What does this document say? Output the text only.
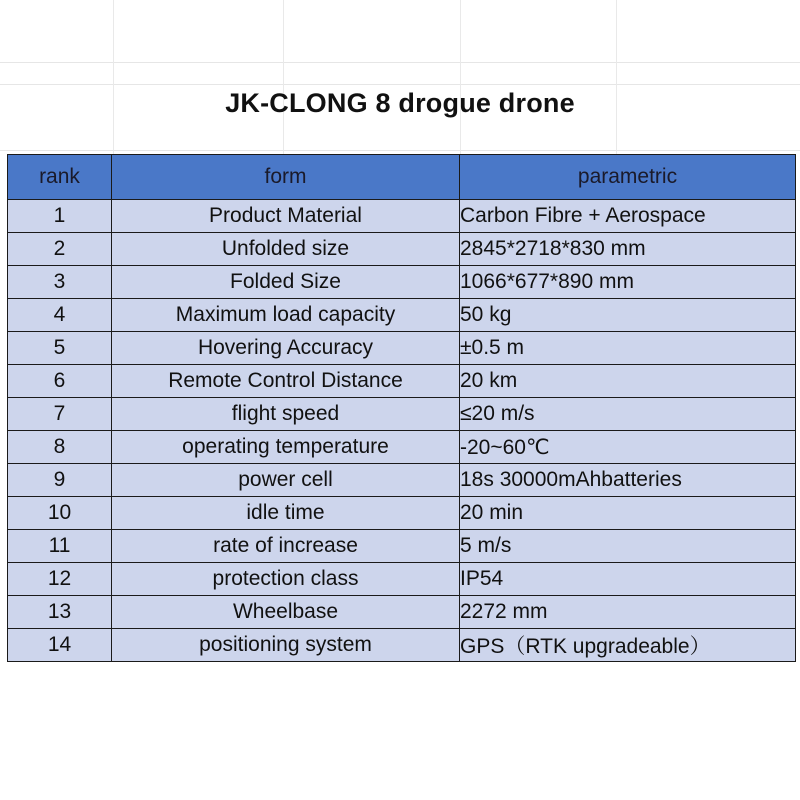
JK-CLONG 8 drogue drone
rank	form	parametric
1	Product Material	Carbon Fibre + Aerospace
2	Unfolded size	2845*2718*830 mm
3	Folded Size	1066*677*890 mm
4	Maximum load capacity	50 kg
5	Hovering Accuracy	±0.5 m
6	Remote Control Distance	20 km
7	flight speed	≤20 m/s
8	operating temperature	-20~60℃
9	power cell	18s 30000mAhbatteries
10	idle time	20 min
11	rate of increase	5 m/s
12	protection class	IP54
13	Wheelbase	2272 mm
14	positioning system	GPS（RTK upgradeable）
